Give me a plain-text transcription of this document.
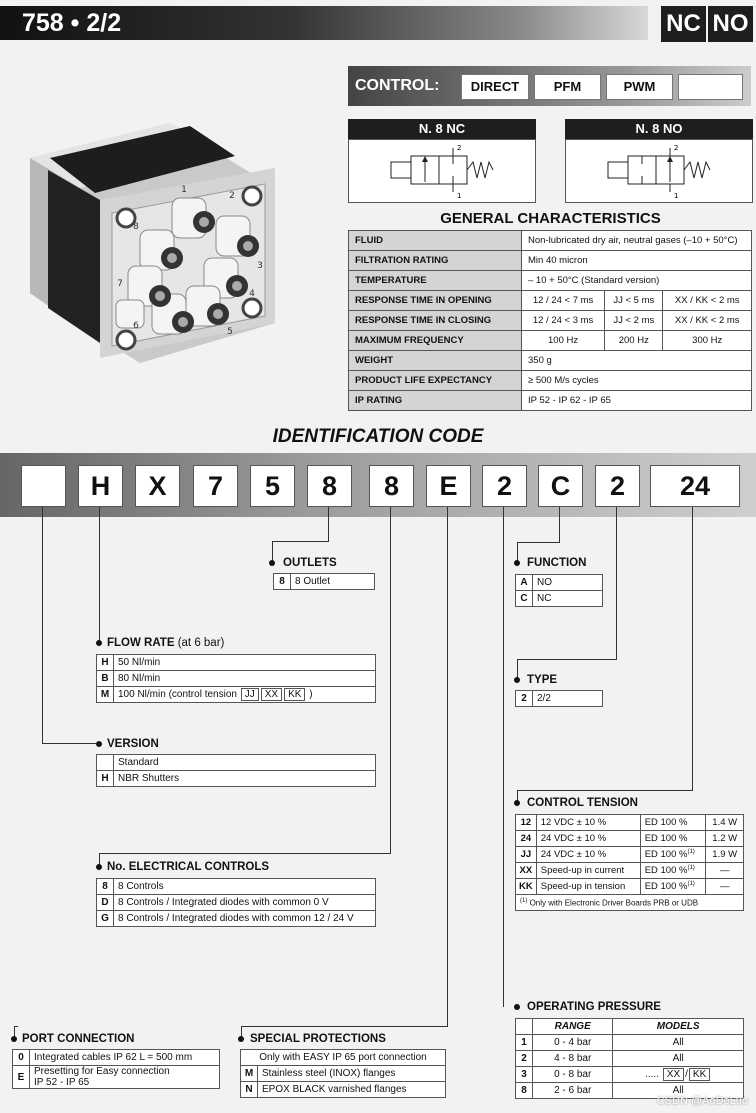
758 • 2/2	NC NO
1
2
3
4
5
6
7
8
CONTROL:	DIRECT	PFM	PWM
N. 8 NC
2
1
N. 8 NO
2
1
GENERAL CHARACTERISTICS
FLUID	Non-lubricated dry air, neutral gases (–10 + 50°C)		
FILTRATION RATING	Min 40 micron		
TEMPERATURE	– 10 + 50°C (Standard version)		
RESPONSE TIME IN OPENING	12 / 24 < 7 ms	JJ < 5 ms	XX / KK < 2 ms
RESPONSE TIME IN CLOSING	12 / 24 < 3 ms	JJ < 2 ms	XX / KK < 2 ms
MAXIMUM FREQUENCY	100 Hz	200 Hz	300 Hz
WEIGHT	350 g		
PRODUCT LIFE EXPECTANCY	≥ 500 M/s cycles		
IP RATING	IP 52 - IP 62 - IP 65		
IDENTIFICATION CODE
H	X	7	5	8	8	E	2	C	2	24
OUTLETS
8	8 Outlet
FLOW RATE (at 6 bar)
H	50 Nl/min
B	80 Nl/min
M	100 Nl/min (control tension JJ XX KK )
VERSION
	Standard
H	NBR Shutters
No. ELECTRICAL CONTROLS
8	8 Controls
D	8 Controls / Integrated diodes with common 0 V
G	8 Controls / Integrated diodes with common 12 / 24 V
PORT CONNECTION
0	Integrated cables IP 62 L = 500 mm
E	Presetting for Easy connection
IP 52 - IP 65
SPECIAL PROTECTIONS
Only with EASY IP 65 port connection	
M	Stainless steel (INOX) flanges
N	EPOX BLACK varnished flanges
FUNCTION
A	NO
C	NC
TYPE
2	2/2
CONTROL TENSION
12	12 VDC ± 10 %	ED 100 %	1.4 W
24	24 VDC ± 10 %	ED 100 %	1.2 W
JJ	24 VDC ± 10 %	ED 100 %$^{(1)}$	1.9 W
XX	Speed-up in current	ED 100 %$^{(1)}$	—
KK	Speed-up in tension	ED 100 %$^{(1)}$	—
$^{(1)}$ Only with Electronic Driver Boards PRB or UDB			
OPERATING PRESSURE
	RANGE	MODELS
1	0 - 4 bar	All
2	4 - 8 bar	All
3	0 - 8 bar	..... XX / KK
8	2 - 6 bar	All
CSDN @AoDeLuo
